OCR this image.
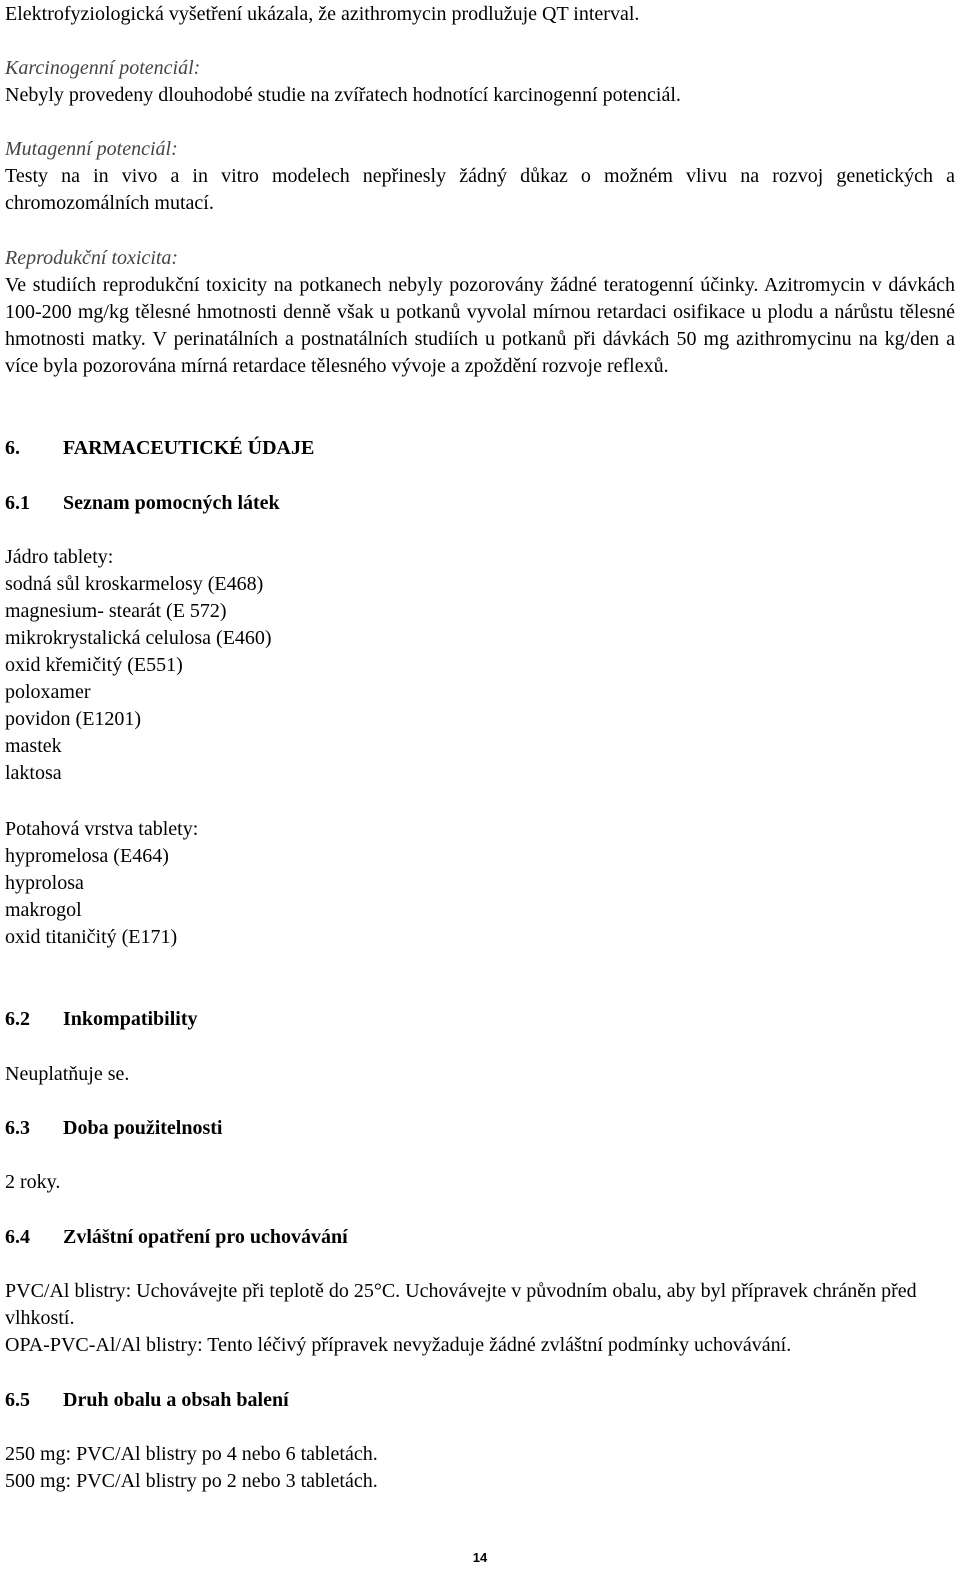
Elektrofyziologická vyšetření ukázala, že azithromycin prodlužuje QT interval.

Karcinogenní potenciál:
Nebyly provedeny dlouhodobé studie na zvířatech hodnotící karcinogenní potenciál.
Mutagenní potenciál:
Testy na in vivo a in vitro modelech nepřinesly žádný důkaz o možném vlivu na rozvoj genetických a chromozomálních mutací.
Reprodukční toxicita:
Ve studiích reprodukční toxicity na potkanech nebyly pozorovány žádné teratogenní účinky. Azitromycin v dávkách 100-200 mg/kg tělesné hmotnosti denně však u potkanů vyvolal mírnou retardaci osifikace u plodu a nárůstu tělesné hmotnosti matky. V perinatálních a postnatálních studiích u potkanů při dávkách 50 mg azithromycinu na kg/den a více byla pozorována mírná retardace tělesného vývoje a zpoždění rozvoje reflexů.
6. FARMACEUTICKÉ ÚDAJE
6.1 Seznam pomocných látek
Jádro tablety:
sodná sůl kroskarmelosy (E468)
magnesium- stearát (E 572)
mikrokrystalická celulosa (E460)
oxid křemičitý (E551)
poloxamer
povidon (E1201)
mastek
laktosa
Potahová vrstva tablety:
hypromelosa (E464)
hyprolosa
makrogol
oxid titaničitý (E171)
6.2 Inkompatibility

Neuplatňuje se.

6.3 Doba použitelnosti

2 roky.

6.4 Zvláštní opatření pro uchovávání
PVC/Al blistry: Uchovávejte při teplotě do 25°C. Uchovávejte v původním obalu, aby byl přípravek chráněn před vlhkostí.
OPA-PVC-Al/Al blistry: Tento léčivý přípravek nevyžaduje žádné zvláštní podmínky uchovávání.
6.5 Druh obalu a obsah balení
250 mg: PVC/Al blistry po 4 nebo 6 tabletách.
500 mg: PVC/Al blistry po 2 nebo 3 tabletách.
14
